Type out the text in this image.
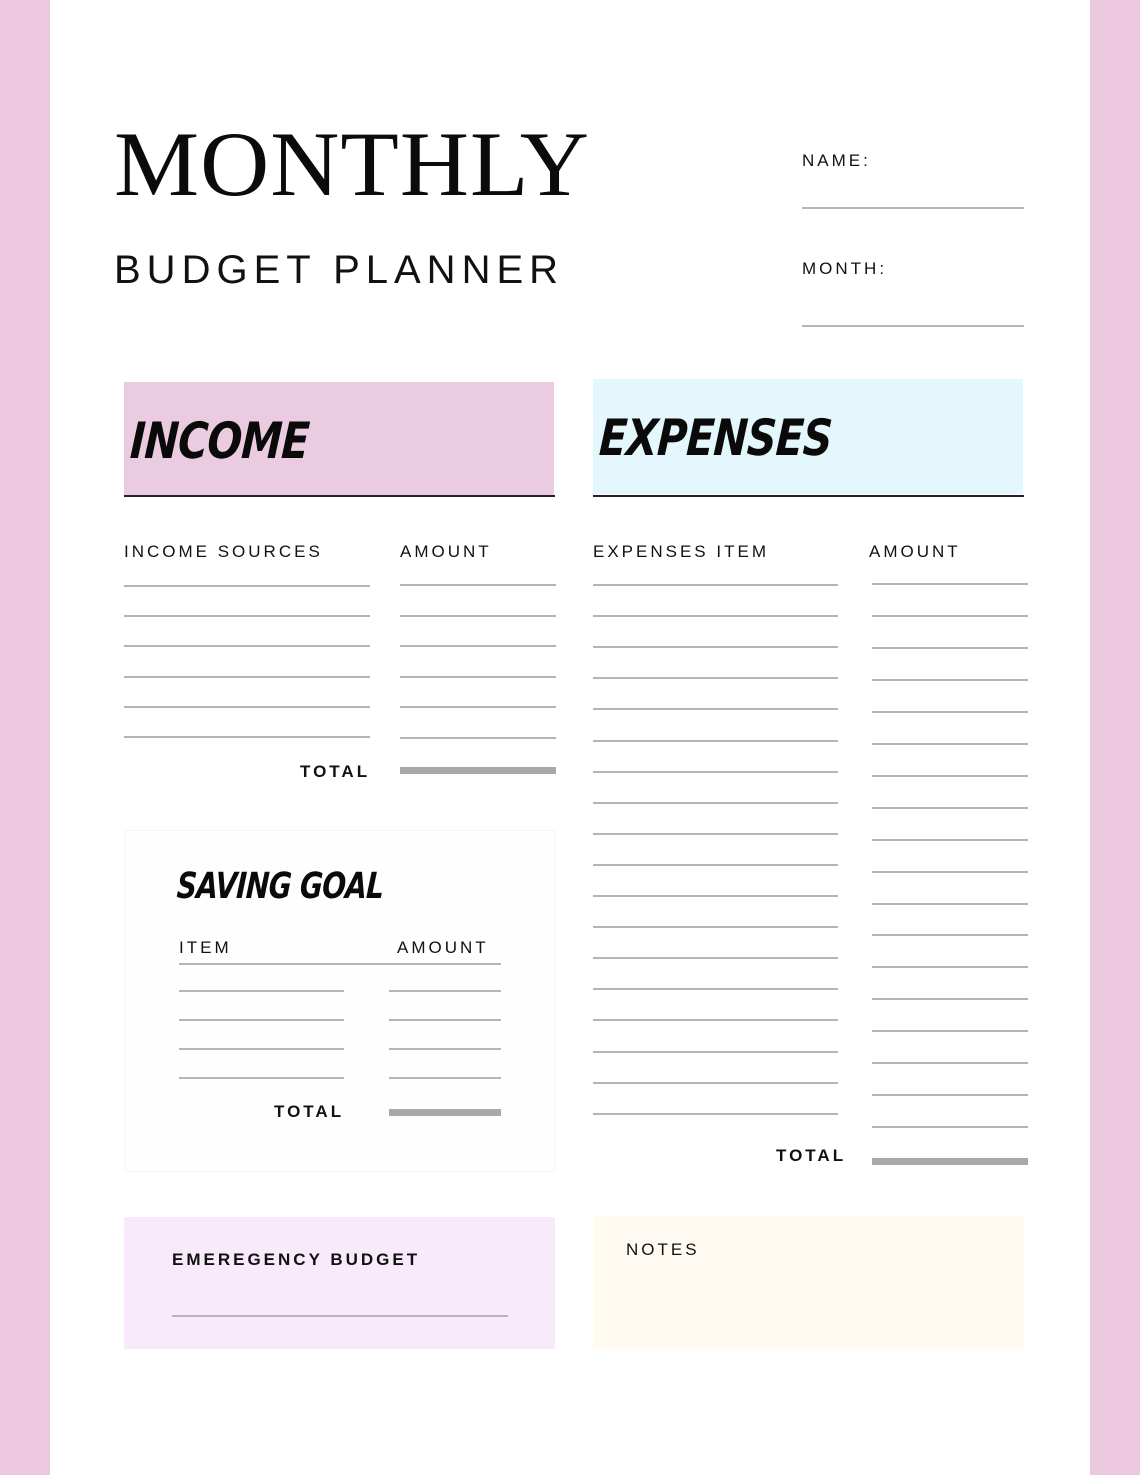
MONTHLY
BUDGET PLANNER
NAME:
MONTH:
INCOME
INCOME SOURCES	AMOUNT
TOTAL
EXPENSES
EXPENSES ITEM	AMOUNT
TOTAL
SAVING GOAL
ITEM	AMOUNT
TOTAL
EMEREGENCY BUDGET
NOTES
